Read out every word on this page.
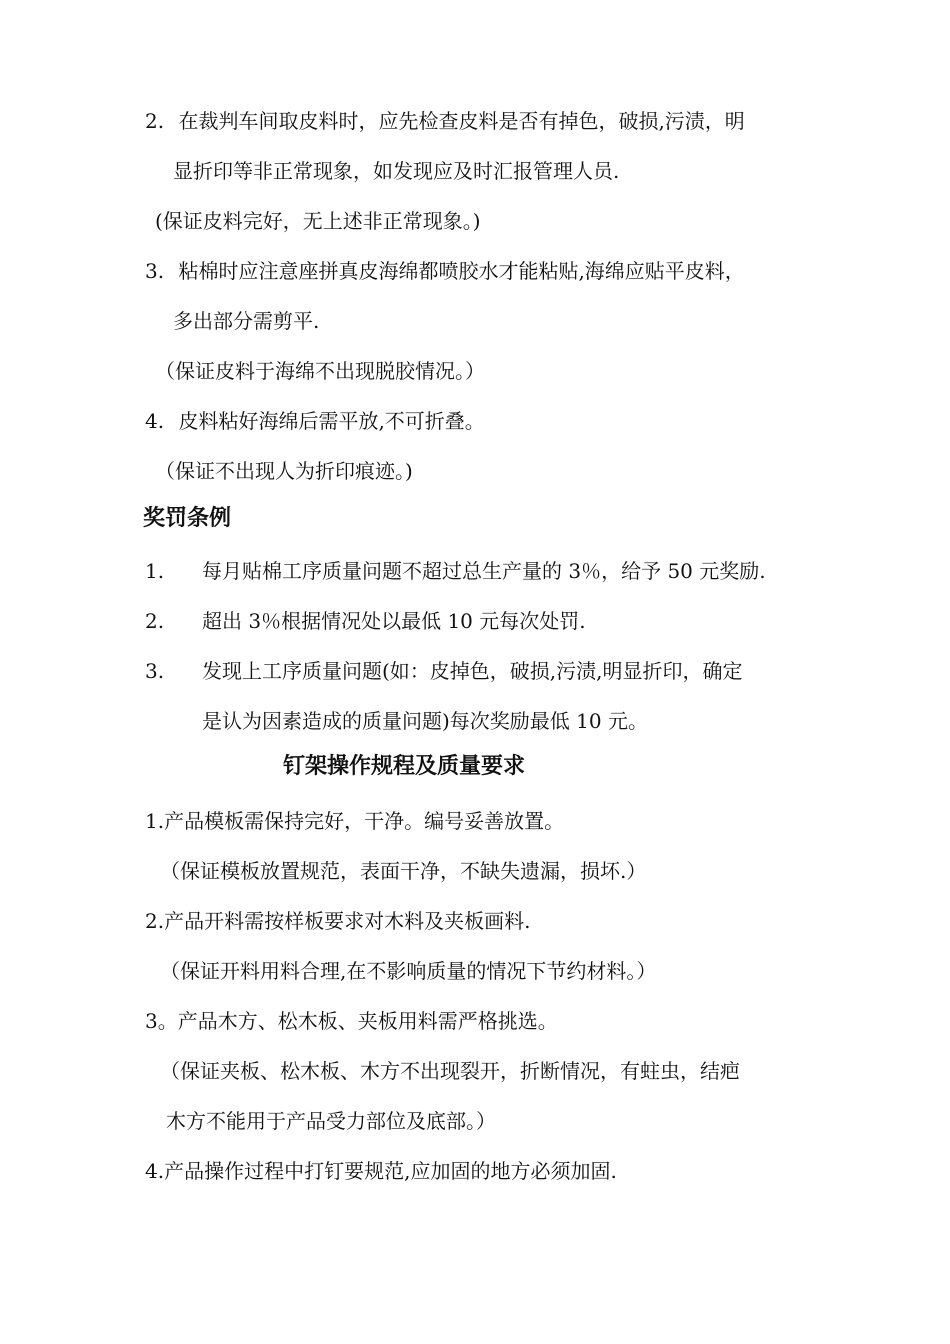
2. 在裁判车间取皮料时，应先检查皮料是否有掉色，破损,污渍，明
显折印等非正常现象，如发现应及时汇报管理人员.
(保证皮料完好，无上述非正常现象。)
3. 粘棉时应注意座拼真皮海绵都喷胶水才能粘贴,海绵应贴平皮料，
多出部分需剪平.
（保证皮料于海绵不出现脱胶情况。）
4. 皮料粘好海绵后需平放,不可折叠。
（保证不出现人为折印痕迹。)
奖罚条例
1. 每月贴棉工序质量问题不超过总生产量的 3％，给予 50 元奖励.
2. 超出 3％根据情况处以最低 10 元每次处罚.
3. 发现上工序质量问题(如：皮掉色，破损,污渍,明显折印，确定
是认为因素造成的质量问题)每次奖励最低 10 元。
钉架操作规程及质量要求
1.产品模板需保持完好，干净。编号妥善放置。
（保证模板放置规范，表面干净，不缺失遗漏，损坏.）
2.产品开料需按样板要求对木料及夹板画料.
（保证开料用料合理,在不影响质量的情况下节约材料。）
3。产品木方、松木板、夹板用料需严格挑选。
（保证夹板、松木板、木方不出现裂开，折断情况，有蛀虫，结疤
木方不能用于产品受力部位及底部。）
4.产品操作过程中打钉要规范,应加固的地方必须加固.
